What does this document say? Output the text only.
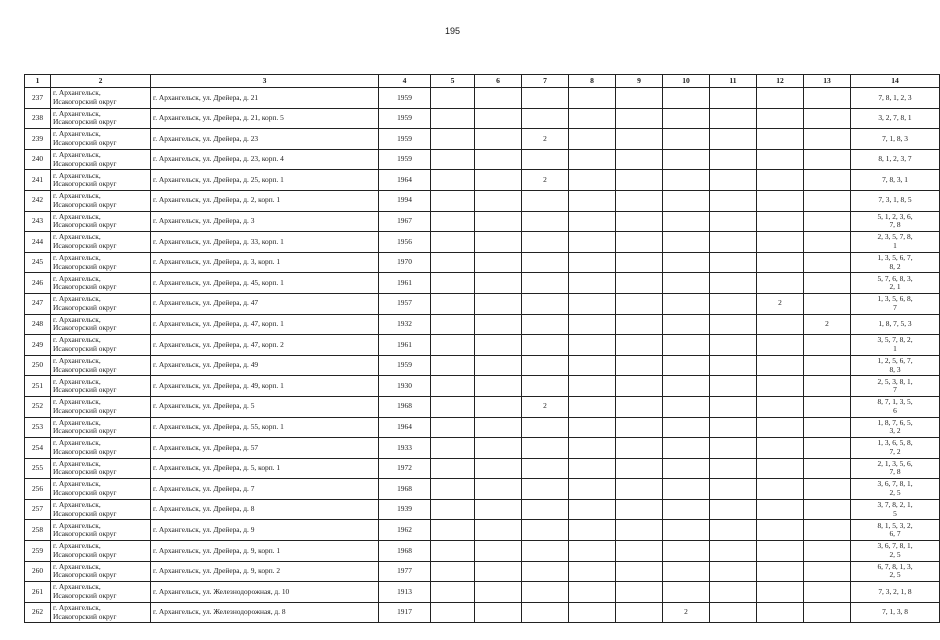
195
1	2	3	4	5	6	7	8	9	10	11	12	13	14
237	г. Архангельск,
Исакогорский округ	г. Архангельск, ул. Дрейера, д. 21	1959										7, 8, 1, 2, 3
238	г. Архангельск,
Исакогорский округ	г. Архангельск, ул. Дрейера, д. 21, корп. 5	1959										3, 2, 7, 8, 1
239	г. Архангельск,
Исакогорский округ	г. Архангельск, ул. Дрейера, д. 23	1959			2							7, 1, 8, 3
240	г. Архангельск,
Исакогорский округ	г. Архангельск, ул. Дрейера, д. 23, корп. 4	1959										8, 1, 2, 3, 7
241	г. Архангельск,
Исакогорский округ	г. Архангельск, ул. Дрейера, д. 25, корп. 1	1964			2							7, 8, 3, 1
242	г. Архангельск,
Исакогорский округ	г. Архангельск, ул. Дрейера, д. 2, корп. 1	1994										7, 3, 1, 8, 5
243	г. Архангельск,
Исакогорский округ	г. Архангельск, ул. Дрейера, д. 3	1967										5, 1, 2, 3, 6,
7, 8
244	г. Архангельск,
Исакогорский округ	г. Архангельск, ул. Дрейера, д. 33, корп. 1	1956										2, 3, 5, 7, 8,
1
245	г. Архангельск,
Исакогорский округ	г. Архангельск, ул. Дрейера, д. 3, корп. 1	1970										1, 3, 5, 6, 7,
8, 2
246	г. Архангельск,
Исакогорский округ	г. Архангельск, ул. Дрейера, д. 45, корп. 1	1961										5, 7, 6, 8, 3,
2, 1
247	г. Архангельск,
Исакогорский округ	г. Архангельск, ул. Дрейера, д. 47	1957								2		1, 3, 5, 6, 8,
7
248	г. Архангельск,
Исакогорский округ	г. Архангельск, ул. Дрейера, д. 47, корп. 1	1932									2	1, 8, 7, 5, 3
249	г. Архангельск,
Исакогорский округ	г. Архангельск, ул. Дрейера, д. 47, корп. 2	1961										3, 5, 7, 8, 2,
1
250	г. Архангельск,
Исакогорский округ	г. Архангельск, ул. Дрейера, д. 49	1959										1, 2, 5, 6, 7,
8, 3
251	г. Архангельск,
Исакогорский округ	г. Архангельск, ул. Дрейера, д. 49, корп. 1	1930										2, 5, 3, 8, 1,
7
252	г. Архангельск,
Исакогорский округ	г. Архангельск, ул. Дрейера, д. 5	1968			2							8, 7, 1, 3, 5,
6
253	г. Архангельск,
Исакогорский округ	г. Архангельск, ул. Дрейера, д. 55, корп. 1	1964										1, 8, 7, 6, 5,
3, 2
254	г. Архангельск,
Исакогорский округ	г. Архангельск, ул. Дрейера, д. 57	1933										1, 3, 6, 5, 8,
7, 2
255	г. Архангельск,
Исакогорский округ	г. Архангельск, ул. Дрейера, д. 5, корп. 1	1972										2, 1, 3, 5, 6,
7, 8
256	г. Архангельск,
Исакогорский округ	г. Архангельск, ул. Дрейера, д. 7	1968										3, 6, 7, 8, 1,
2, 5
257	г. Архангельск,
Исакогорский округ	г. Архангельск, ул. Дрейера, д. 8	1939										3, 7, 8, 2, 1,
5
258	г. Архангельск,
Исакогорский округ	г. Архангельск, ул. Дрейера, д. 9	1962										8, 1, 5, 3, 2,
6, 7
259	г. Архангельск,
Исакогорский округ	г. Архангельск, ул. Дрейера, д. 9, корп. 1	1968										3, 6, 7, 8, 1,
2, 5
260	г. Архангельск,
Исакогорский округ	г. Архангельск, ул. Дрейера, д. 9, корп. 2	1977										6, 7, 8, 1, 3,
2, 5
261	г. Архангельск,
Исакогорский округ	г. Архангельск, ул. Железнодорожная, д. 10	1913										7, 3, 2, 1, 8
262	г. Архангельск,
Исакогорский округ	г. Архангельск, ул. Железнодорожная, д. 8	1917						2				7, 1, 3, 8
